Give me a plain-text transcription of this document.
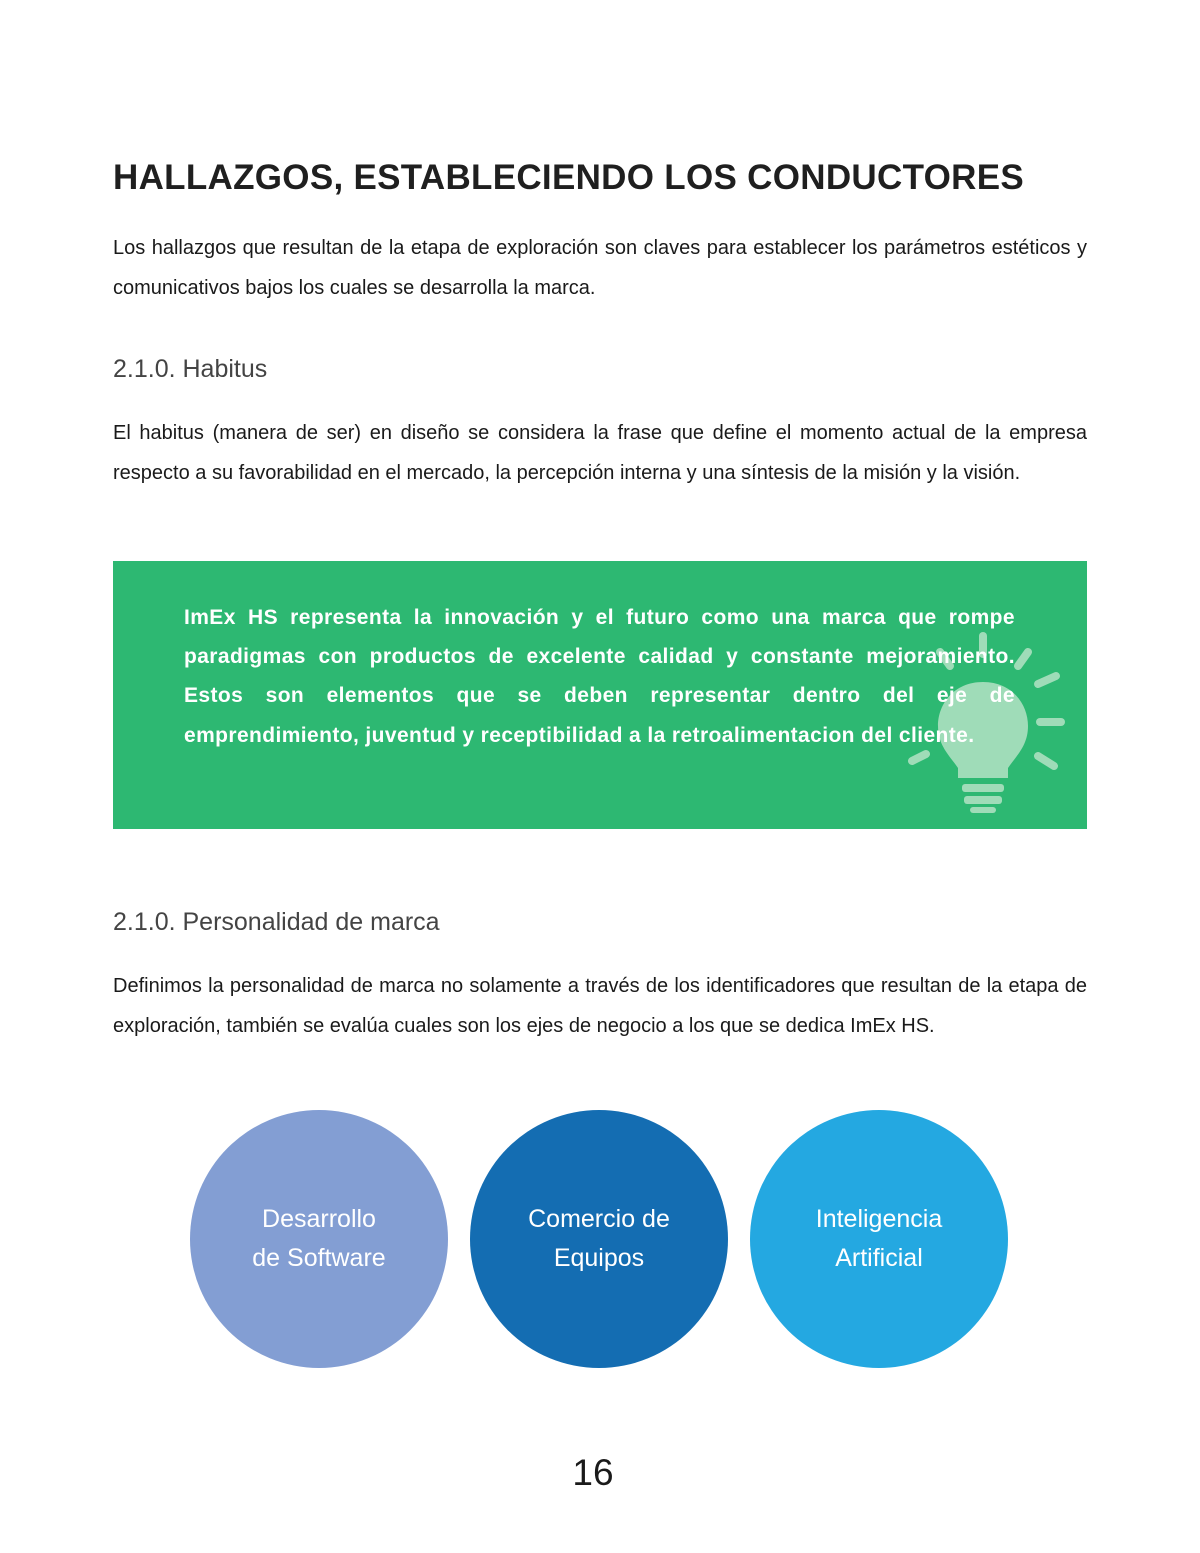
HALLAZGOS, ESTABLECIENDO LOS CONDUCTORES

Los hallazgos que resultan de la etapa de exploración son claves para establecer los parámetros estéticos y comunicativos bajos los cuales se desarrolla la marca.

2.1.0. Habitus

El habitus (manera de ser) en diseño se considera la frase que define el momento actual de la empresa respecto a su favorabilidad en el mercado, la percepción interna y una síntesis de la misión y la visión.

ImEx HS representa la innovación y el futuro como una marca que rompe paradigmas con productos de excelente calidad y constante mejoramiento. Estos son elementos que se deben representar dentro del eje de emprendimiento, juventud y receptibilidad a la retroalimentacion del cliente.

2.1.0. Personalidad de marca

Definimos la personalidad de marca no solamente a través de los identificadores que resultan de la etapa de exploración, también se evalúa cuales son los ejes de negocio a los que se dedica ImEx HS.

Desarrollo
de Software
Comercio de
Equipos
Inteligencia
Artificial
16
